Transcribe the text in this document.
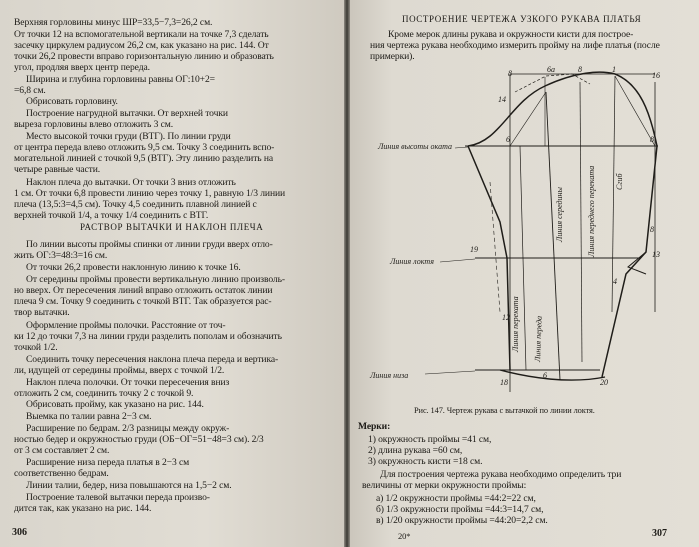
Верхняя горловины минус ШР=33,5−7,3=26,2 см.
От точки 12 на вспомогательной вертикали на точке 7,3 сделать
засечку циркулем радиусом 26,2 см, как указано на рис. 144. От
точки 26,2 провести вправо горизонтальную линию и образовать
угол, продляя вверх центр переда.
Ширина и глубина горловины равны ОГ:10+2=
=6,8 см.
Обрисовать горловину.
Построение нагрудной вытачки. От верхней точки
выреза горловины влево отложить 3 см.
Место высокой точки груди (ВТГ). По линии груди
от центра переда влево отложить 9,5 см. Точку 3 соединить вспо-
могательной линией с точкой 9,5 (ВТГ). Эту линию разделить на
четыре равные части.
Наклон плеча до вытачки. От точки 3 вниз отложить
1 см. От точки 6,8 провести линию через точку 1, равную 1/3 линии
плеча (13,5:3=4,5 см). Точку 4,5 соединить плавной линией с
верхней точкой 1/4, а точку 1/4 соединить с ВТГ.
РАСТВОР ВЫТАЧКИ И НАКЛОН ПЛЕЧА
По линии высоты проймы спинки от линии груди вверх отло-
жить ОГ:3=48:3=16 см.
От точки 26,2 провести наклонную линию к точке 16.
От середины проймы провести вертикальную линию произволь-
но вверх. От пересечения линий вправо отложить остаток линии
плеча 9 см. Точку 9 соединить с точкой ВТГ. Так образуется рас-
твор вытачки.
Оформление проймы полочки. Расстояние от точ-
ки 12 до точки 7,3 на линии груди разделить пополам и обозначить
точкой 1/2.
Соединить точку пересечения наклона плеча переда и вертика-
ли, идущей от середины проймы, вверх с точкой 1/2.
Наклон плеча полочки. От точки пересечения вниз
отложить 2 см, соединить точку 2 с точкой 9.
Обрисовать пройму, как указано на рис. 144.
Выемка по талии равна 2−3 см.
Расширение по бедрам. 2/3 разницы между окруж-
ностью бедер и окружностью груди (ОБ−ОГ=51−48=3 см). 2/3
от 3 см составляет 2 см.
Расширение низа переда платья в 2−3 см
соответственно бедрам.
Линии талии, бедер, низа повышаются на 1,5−2 см.
Построение талевой вытачки переда произво-
дится так, как указано на рис. 144.
306
ПОСТРОЕНИЕ ЧЕРТЕЖА УЗКОГО РУКАВА ПЛАТЬЯ
Кроме мерок длины рукава и окружности кисти для построе-
ния чертежа рукава необходимо измерить пройму на лифе платья (после
примерки).
Линия высоты оката
Линия локтя
Линия низа
Линия переката Линия переда
Линия середины	Линия переднего переката Сгиб
8	6а	8	1
16
14
6	8
8
13
4
19
12
6
20
18
Рис. 147. Чертеж рукава с вытачкой по линии локтя.
Мерки:
1) окружность проймы =41 см,
2) длина рукава =60 см,
3) окружность кисти =18 см.
Для построения чертежа рукава необходимо определить три
величины от мерки окружности проймы:
а) 1/2 окружности проймы =44:2=22 см,
б) 1/3 окружности проймы =44:3=14,7 см,
в) 1/20 окружности проймы =44:20=2,2 см.
20*	307
